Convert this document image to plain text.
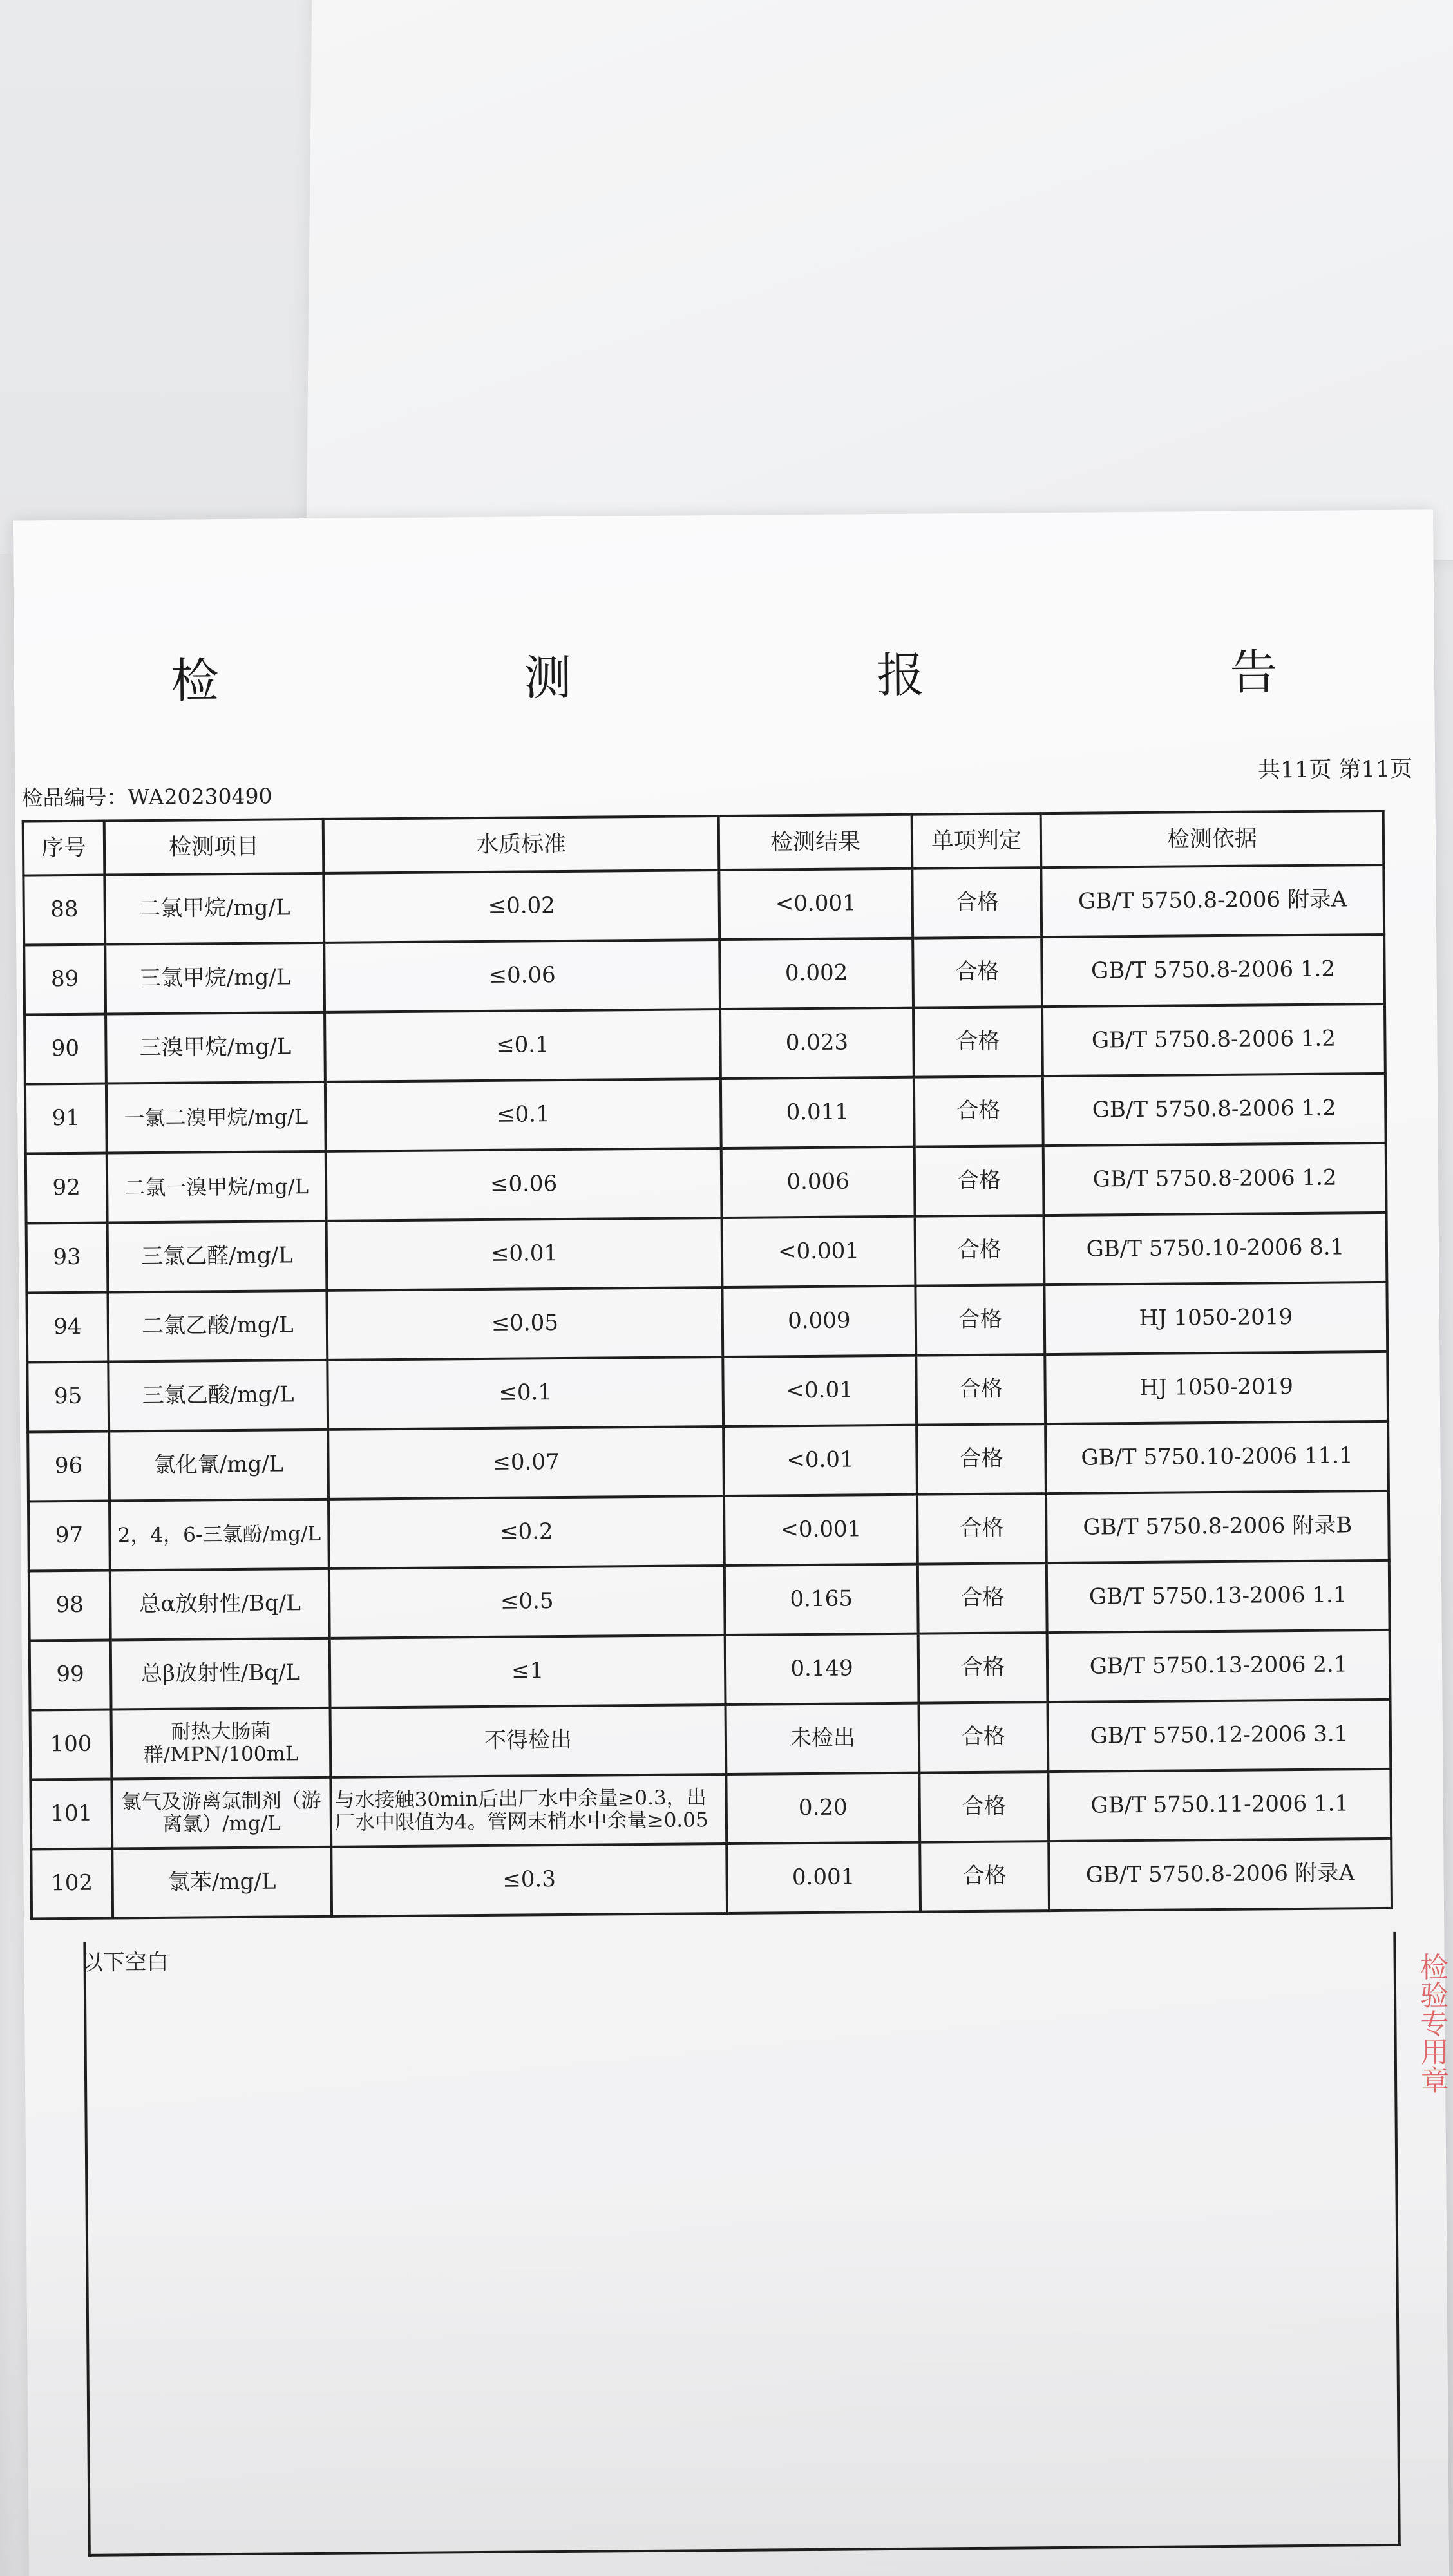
检　测　报　告
检品编号：WA20230490
共11页 第11页
序号	检测项目	水质标准	检测结果	单项判定	检测依据
88	二氯甲烷/mg/L	≤0.02	<0.001	合格	GB/T 5750.8-2006 附录A
89	三氯甲烷/mg/L	≤0.06	0.002	合格	GB/T 5750.8-2006 1.2
90	三溴甲烷/mg/L	≤0.1	0.023	合格	GB/T 5750.8-2006 1.2
91	一氯二溴甲烷/mg/L	≤0.1	0.011	合格	GB/T 5750.8-2006 1.2
92	二氯一溴甲烷/mg/L	≤0.06	0.006	合格	GB/T 5750.8-2006 1.2
93	三氯乙醛/mg/L	≤0.01	<0.001	合格	GB/T 5750.10-2006 8.1
94	二氯乙酸/mg/L	≤0.05	0.009	合格	HJ 1050-2019
95	三氯乙酸/mg/L	≤0.1	<0.01	合格	HJ 1050-2019
96	氯化氰/mg/L	≤0.07	<0.01	合格	GB/T 5750.10-2006 11.1
97	2，4，6-三氯酚/mg/L	≤0.2	<0.001	合格	GB/T 5750.8-2006 附录B
98	总α放射性/Bq/L	≤0.5	0.165	合格	GB/T 5750.13-2006 1.1
99	总β放射性/Bq/L	≤1	0.149	合格	GB/T 5750.13-2006 2.1
100	耐热大肠菌群/MPN/100mL	不得检出	未检出	合格	GB/T 5750.12-2006 3.1
101	氯气及游离氯制剂（游离氯）/mg/L	与水接触30min后出厂水中余量≥0.3，出厂水中限值为4。管网末梢水中余量≥0.05	0.20	合格	GB/T 5750.11-2006 1.1
102	氯苯/mg/L	≤0.3	0.001	合格	GB/T 5750.8-2006 附录A
以下空白	检验专用章
